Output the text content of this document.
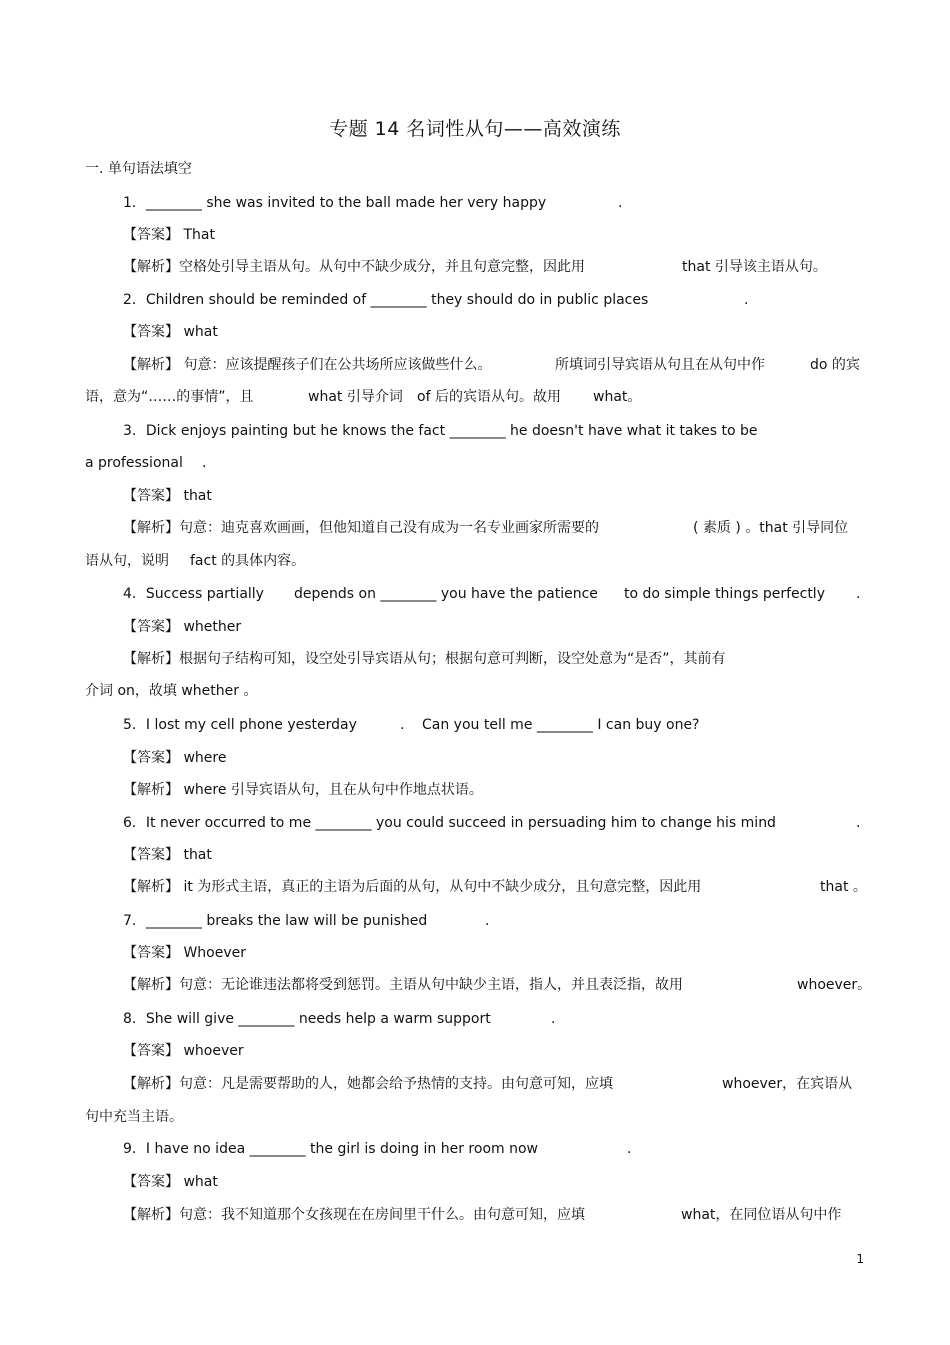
专题 14 名词性从句——高效演练
一. 单句语法填空
1．________ she was invited to the ball made her very happy	.
【答案】 That
【解析】空格处引导主语从句。从句中不缺少成分，并且句意完整，因此用	that 引导该主语从句。
2．Children should be reminded of ________ they should do in public places	.
【答案】 what
【解析】 句意：应该提醒孩子们在公共场所应该做些什么。	所填词引导宾语从句且在从句中作	do 的宾
语，意为“……的事情”，且	what 引导介词 of 后的宾语从句。故用 what。
3．Dick enjoys painting but he knows the fact ________ he doesn't have what it takes to be
a professional .
【答案】 that
【解析】句意：迪克喜欢画画，但他知道自己没有成为一名专业画家所需要的	( 素质 ) 。that 引导同位
语从句，说明 fact 的具体内容。
4．Success partially depends on ________ you have the patience to do simple things perfectly .
【答案】 whether
【解析】根据句子结构可知，设空处引导宾语从句；根据句意可判断，设空处意为“是否”，其前有
介词 on，故填 whether 。
5．I lost my cell phone yesterday	. Can you tell me ________ I can buy one?
【答案】 where
【解析】 where 引导宾语从句，且在从句中作地点状语。
6．It never occurred to me ________ you could succeed in persuading him to change his mind	.
【答案】 that
【解析】 it 为形式主语，真正的主语为后面的从句，从句中不缺少成分，且句意完整，因此用	that 。
7．________ breaks the law will be punished	.
【答案】 Whoever
【解析】句意：无论谁违法都将受到惩罚。主语从句中缺少主语，指人，并且表泛指，故用	whoever。
8．She will give ________ needs help a warm support	.
【答案】 whoever
【解析】句意：凡是需要帮助的人，她都会给予热情的支持。由句意可知，应填	whoever，在宾语从
句中充当主语。
9．I have no idea ________ the girl is doing in her room now	.
【答案】 what
【解析】句意：我不知道那个女孩现在在房间里干什么。由句意可知，应填	what，在同位语从句中作
1
